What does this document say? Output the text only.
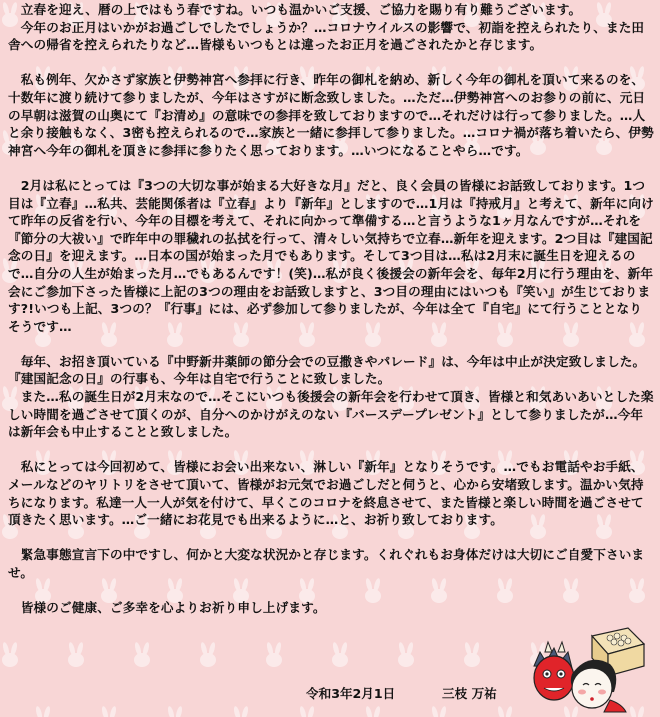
　立春を迎え、暦の上ではもう春ですね。いつも温かいご支援、ご協力を賜り有り難うございます。
　今年のお正月はいかがお過ごしでしたでしょうか？…コロナウイルスの影響で、初詣を控えられたり、また田舎への帰省を控えられたりなど…皆様もいつもとは違ったお正月を過ごされたかと存じます。

　私も例年、欠かさず家族と伊勢神宮へ参拝に行き、昨年の御札を納め、新しく今年の御札を頂いて来るのを、十数年に渡り続けて参りましたが、今年はさすがに断念致しました。…ただ…伊勢神宮へのお参りの前に、元日の早朝は滋賀の山奥にて『お清め』の意味での参拝を致しておりますので…それだけは行って参りました。…人と余り接触もなく、3密も控えられるので…家族と一緒に参拝して参りました。…コロナ禍が落ち着いたら、伊勢神宮へ今年の御札を頂きに参拝に参りたく思っております。…いつになることやら…です。

　2月は私にとっては『3つの大切な事が始まる大好きな月』だと、良く会員の皆様にお話致しております。1つ目は『立春』…私共、芸能関係者は『立春』より『新年』としますので…1月は『持戒月』と考えて、新年に向けて昨年の反省を行い、今年の目標を考えて、それに向かって準備する…と言うような1ヶ月なんですが…それを『節分の大祓い』で昨年中の罪穢れの払拭を行って、清々しい気持ちで立春…新年を迎えます。2つ目は『建国記念の日』を迎えます。…日本の国が始まった月でもあります。そして3つ目は…私は2月末に誕生日を迎えるので…自分の人生が始まった月…でもあるんです！(笑)…私が良く後援会の新年会を、毎年2月に行う理由を、新年会にご参加下さった皆様に上記の3つの理由をお話致しますと、3つ目の理由にはいつも『笑い』が生じております?!いつも上記、3つの？『行事』には、必ず参加して参りましたが、今年は全て『自宅』にて行うこととなりそうです…

　毎年、お招き頂いている『中野新井薬師の節分会での豆撒きやパレード』は、今年は中止が決定致しました。『建国記念の日』の行事も、今年は自宅で行うことに致しました。
　また…私の誕生日が2月末なので…そこにいつも後援会の新年会を行わせて頂き、皆様と和気あいあいとした楽しい時間を過ごさせて頂くのが、自分へのかけがえのない『バースデープレゼント』として参りましたが…今年は新年会も中止することと致しました。

　私にとっては今回初めて、皆様にお会い出来ない、淋しい『新年』となりそうです。…でもお電話やお手紙、メールなどのヤリトリをさせて頂いて、皆様がお元気でお過ごしだと伺うと、心から安堵致します。温かい気持ちになります。私達一人一人が気を付けて、早くこのコロナを終息させて、また皆様と楽しい時間を過ごさせて頂きたく思います。…ご一緒にお花見でも出来るように…と、お祈り致しております。

　緊急事態宣言下の中ですし、何かと大変な状況かと存じます。くれぐれもお身体だけは大切にご自愛下さいませ。

　皆様のご健康、ご多幸を心よりお祈り申し上げます。

令和3年2月1日	三枝 万祐
